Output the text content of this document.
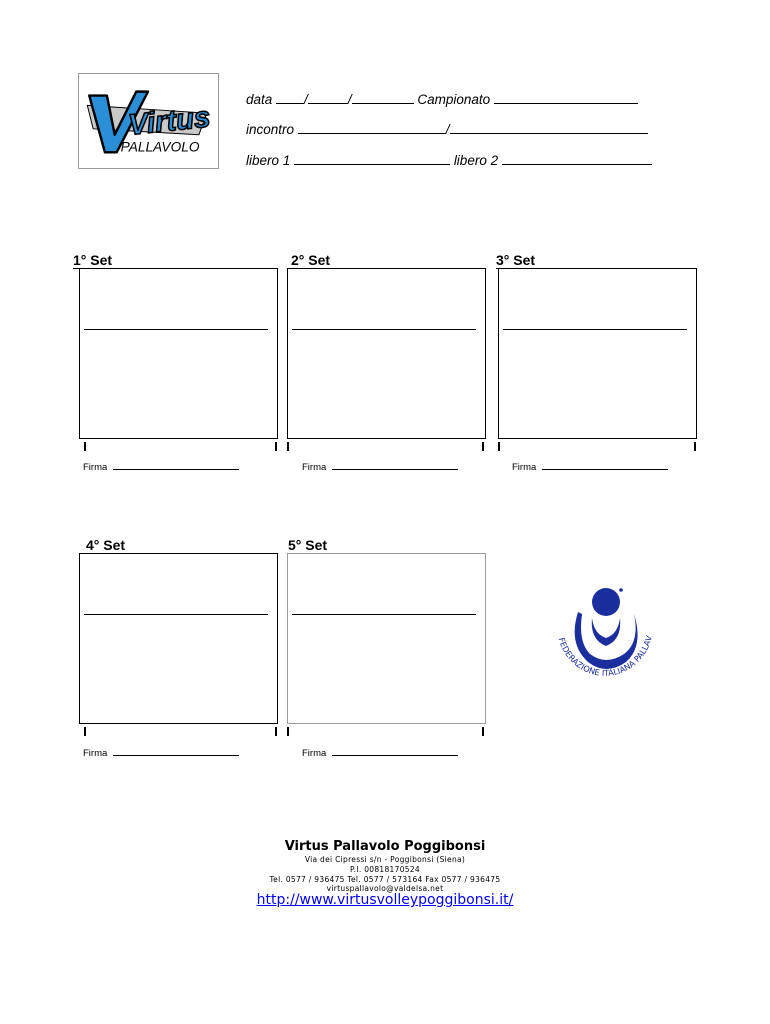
Virtus
PALLAVOLO
data /	/	Campionato
incontro	/
libero 1	libero 2
1° Set
Firma
2° Set
Firma
3° Set
Firma
4° Set
Firma
5° Set
Firma
FEDERAZIONE ITALIANA PALLAV
Virtus Pallavolo Poggibonsi
Via dei Cipressi s/n - Poggibonsi (Siena)
P.I. 00818170524
Tel. 0577 / 936475 Tel. 0577 / 573164 Fax 0577 / 936475
virtuspallavolo@valdelsa.net
http://www.virtusvolleypoggibonsi.it/
